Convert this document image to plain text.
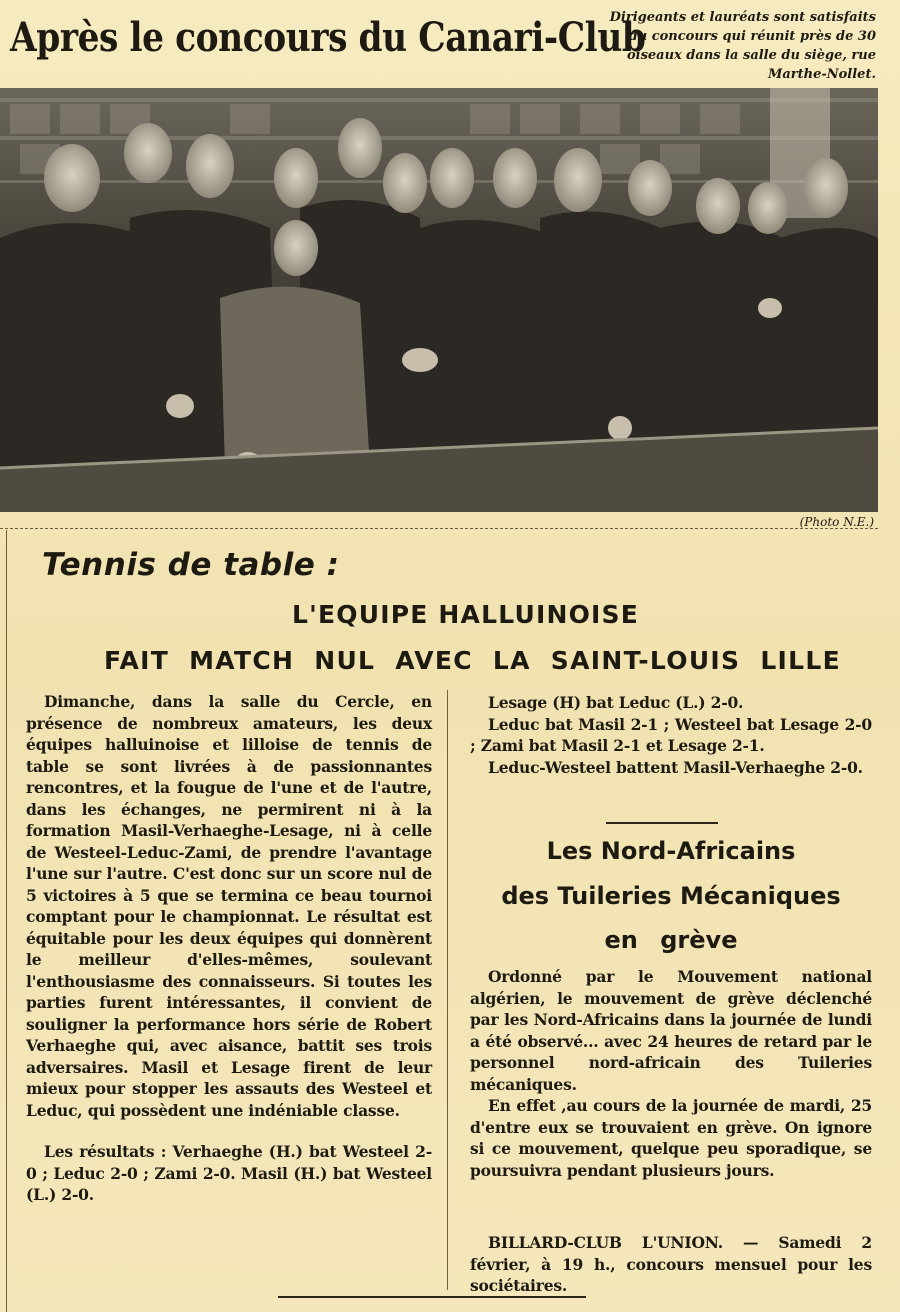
Après le concours du Canari-Club
Dirigeants et lauréats sont satisfaits du concours qui réunit près de 30 oiseaux dans la salle du siège, rue Marthe-Nollet.
(Photo N.E.)
Tennis de table :
L'EQUIPE HALLUINOISE
FAIT MATCH NUL AVEC LA SAINT-LOUIS LILLE

Dimanche, dans la salle du Cercle, en présence de nombreux amateurs, les deux équipes halluinoise et lilloise de tennis de table se sont livrées à de passionnantes rencontres, et la fougue de l'une et de l'autre, dans les échanges, ne permirent ni à la formation Masil-Verhaeghe-Lesage, ni à celle de Westeel-Leduc-Zami, de prendre l'avantage l'une sur l'autre. C'est donc sur un score nul de 5 victoires à 5 que se termina ce beau tournoi comptant pour le championnat. Le résultat est équitable pour les deux équipes qui donnèrent le meilleur d'elles-mêmes, soulevant l'enthousiasme des connaisseurs. Si toutes les parties furent intéressantes, il convient de souligner la performance hors série de Robert Verhaeghe qui, avec aisance, battit ses trois adversaires. Masil et Lesage firent de leur mieux pour stopper les assauts des Westeel et Leduc, qui possèdent une indéniable classe.

Les résultats : Verhaeghe (H.) bat Westeel 2-0 ; Leduc 2-0 ; Zami 2-0. Masil (H.) bat Westeel (L.) 2-0.

Lesage (H) bat Leduc (L.) 2-0.

Leduc bat Masil 2-1 ; Westeel bat Lesage 2-0 ; Zami bat Masil 2-1 et Lesage 2-1.

Leduc-Westeel battent Masil-Verhaeghe 2-0.

Les Nord-Africains
des Tuileries Mécaniques
en grève

Ordonné par le Mouvement national algérien, le mouvement de grève déclenché par les Nord-Africains dans la journée de lundi a été observé... avec 24 heures de retard par le personnel nord-africain des Tuileries mécaniques.

En effet ,au cours de la journée de mardi, 25 d'entre eux se trouvaient en grève. On ignore si ce mouvement, quelque peu sporadique, se poursuivra pendant plusieurs jours.

BILLARD-CLUB L'UNION. — Samedi 2 février, à 19 h., concours mensuel pour les sociétaires.
